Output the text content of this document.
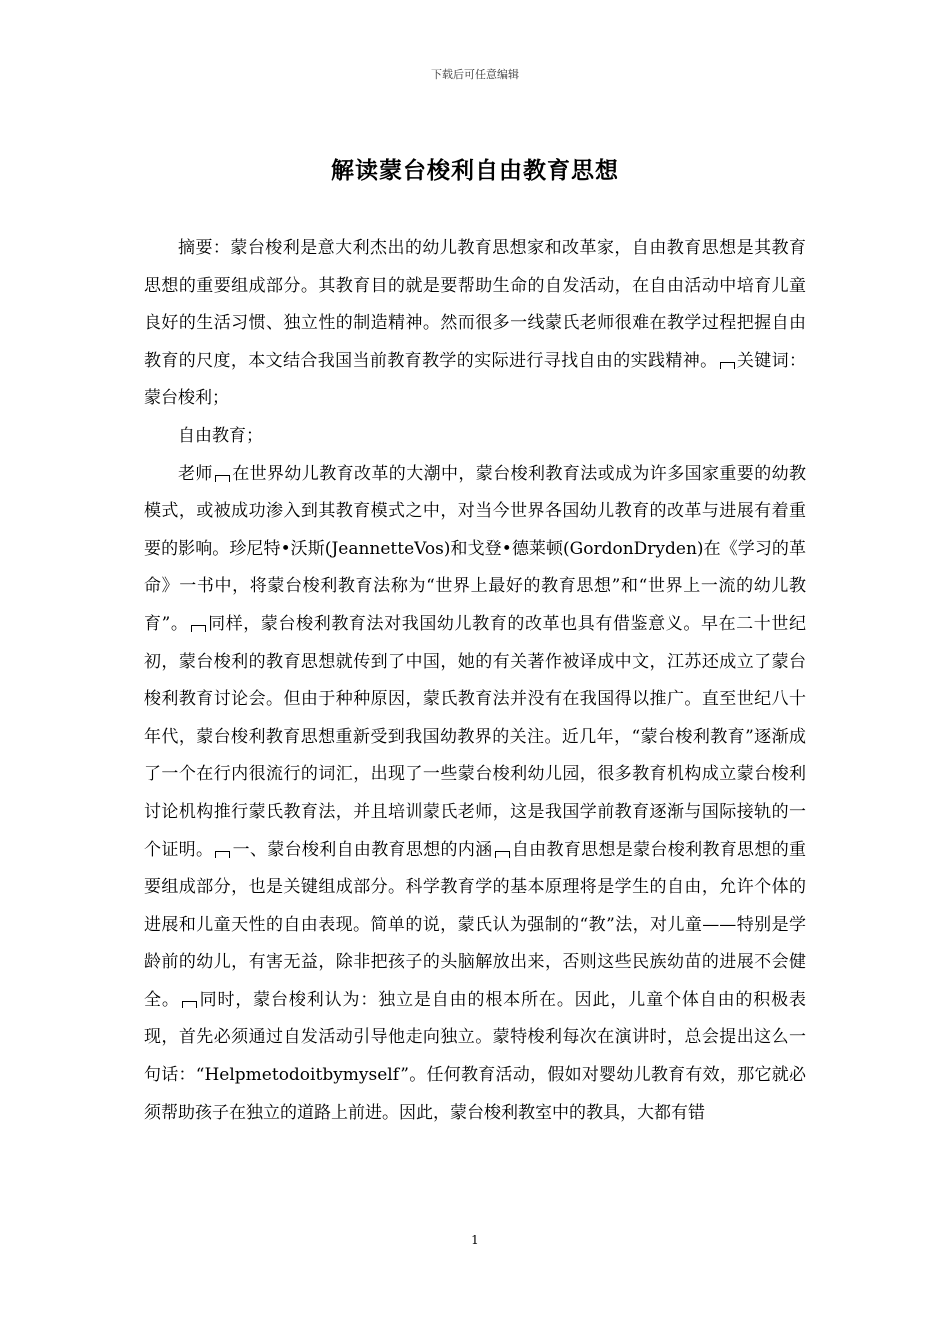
下载后可任意编辑
解读蒙台梭利自由教育思想

摘要：蒙台梭利是意大利杰出的幼儿教育思想家和改革家，自由教育思想是其教育思想的重要组成部分。其教育目的就是要帮助生命的自发活动，在自由活动中培育儿童良好的生活习惯、独立性的制造精神。然而很多一线蒙氏老师很难在教学过程把握自由教育的尺度，本文结合我国当前教育教学的实际进行寻找自由的实践精神。 关键词：蒙台梭利；

自由教育；

老师 在世界幼儿教育改革的大潮中，蒙台梭利教育法或成为许多国家重要的幼教模式，或被成功渗入到其教育模式之中，对当今世界各国幼儿教育的改革与进展有着重要的影响。珍尼特•沃斯(JeannetteVos)和戈登•德莱顿(GordonDryden)在《学习的革命》一书中，将蒙台梭利教育法称为“世界上最好的教育思想”和“世界上一流的幼儿教育”。 同样，蒙台梭利教育法对我国幼儿教育的改革也具有借鉴意义。早在二十世纪初，蒙台梭利的教育思想就传到了中国，她的有关著作被译成中文，江苏还成立了蒙台梭利教育讨论会。但由于种种原因，蒙氏教育法并没有在我国得以推广。直至世纪八十年代，蒙台梭利教育思想重新受到我国幼教界的关注。近几年，“蒙台梭利教育”逐渐成了一个在行内很流行的词汇，出现了一些蒙台梭利幼儿园，很多教育机构成立蒙台梭利讨论机构推行蒙氏教育法，并且培训蒙氏老师，这是我国学前教育逐渐与国际接轨的一个证明。 一、蒙台梭利自由教育思想的内涵 自由教育思想是蒙台梭利教育思想的重要组成部分，也是关键组成部分。科学教育学的基本原理将是学生的自由，允许个体的进展和儿童天性的自由表现。简单的说，蒙氏认为强制的“教”法，对儿童——特别是学龄前的幼儿，有害无益，除非把孩子的头脑解放出来，否则这些民族幼苗的进展不会健全。 同时，蒙台梭利认为：独立是自由的根本所在。因此，儿童个体自由的积极表现，首先必须通过自发活动引导他走向独立。蒙特梭利每次在演讲时，总会提出这么一句话：“Helpmetodoitbymyself”。任何教育活动，假如对婴幼儿教育有效，那它就必须帮助孩子在独立的道路上前进。因此，蒙台梭利教室中的教具，大都有错

1
